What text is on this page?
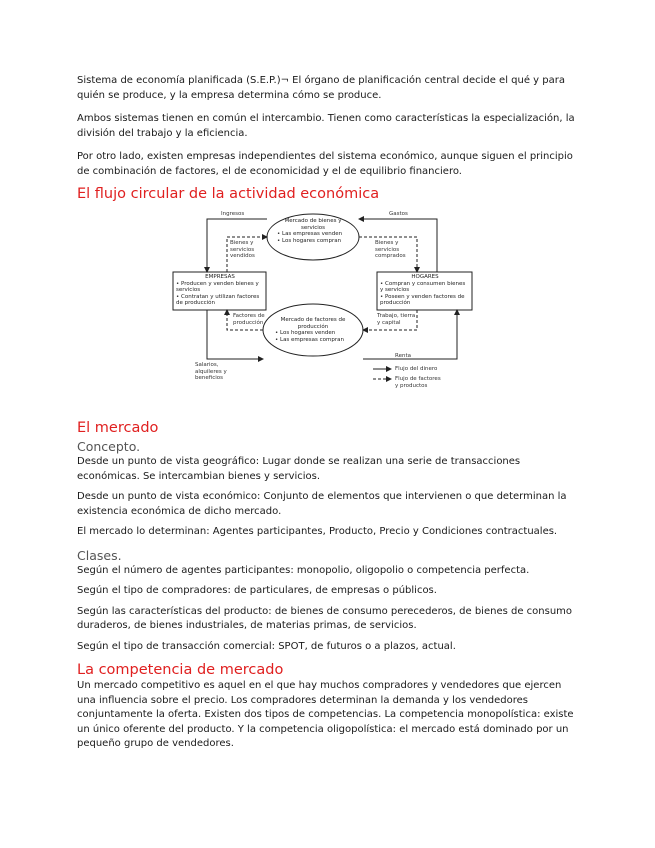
Sistema de economía planificada (S.E.P.)¬ El órgano de planificación central decide el qué y para quién se produce, y la empresa determina cómo se produce.

Ambos sistemas tienen en común el intercambio. Tienen como características la especialización, la división del trabajo y la eficiencia.

Por otro lado, existen empresas independientes del sistema económico, aunque siguen el principio de combinación de factores, el de economicidad y el de equilibrio financiero.

El flujo circular de la actividad económica
Ingresos	Gastos
Mercado de bienes y servicios
• Las empresas venden
• Los hogares compran
Bienes y servicios vendidos
Bienes y servicios comprados
EMPRESAS
• Producen y venden bienes y servicios
• Contratan y utilizan factores de producción
HOGARES
• Compran y consumen bienes y servicios
• Poseen y venden factores de producción
Factores de producción
Trabajo, tierra y capital
Mercado de factores de producción
• Los hogares venden
• Las empresas compran
Salarios, alquileres y beneficios
Renta
Flujo del dinero
Flujo de factores y productos
El mercado
Concepto.

Desde un punto de vista geográfico: Lugar donde se realizan una serie de transacciones económicas. Se intercambian bienes y servicios.

Desde un punto de vista económico: Conjunto de elementos que intervienen o que determinan la existencia económica de dicho mercado.

El mercado lo determinan: Agentes participantes, Producto, Precio y Condiciones contractuales.

Clases.

Según el número de agentes participantes: monopolio, oligopolio o competencia perfecta.

Según el tipo de compradores: de particulares, de empresas o públicos.

Según las características del producto: de bienes de consumo perecederos, de bienes de consumo duraderos, de bienes industriales, de materias primas, de servicios.

Según el tipo de transacción comercial: SPOT, de futuros o a plazos, actual.

La competencia de mercado

Un mercado competitivo es aquel en el que hay muchos compradores y vendedores que ejercen una influencia sobre el precio. Los compradores determinan la demanda y los vendedores conjuntamente la oferta. Existen dos tipos de competencias. La competencia monopolística: existe un único oferente del producto. Y la competencia oligopolística: el mercado está dominado por un pequeño grupo de vendedores.
